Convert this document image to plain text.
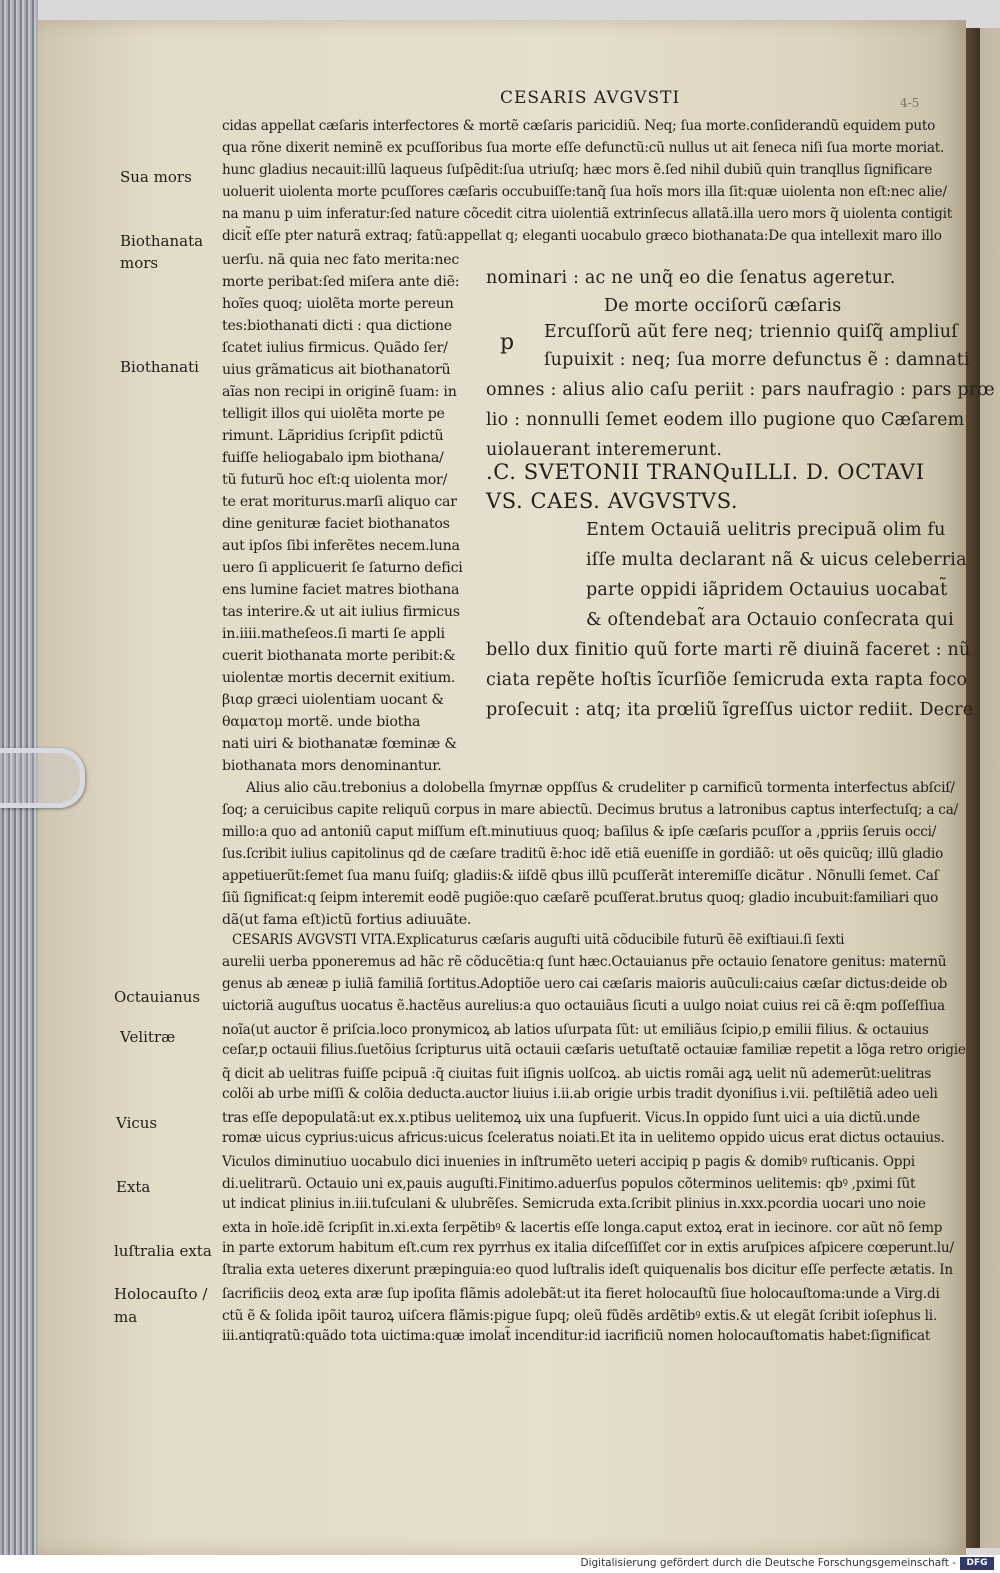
CESARIS AVGVSTI	4-5
cidas appellat cæſaris interfectores & mortẽ cæſaris paricidiũ. Neq; ſua morte.conſiderandũ equidem puto
qua rõne dixerit neminẽ ex pcuſſoribus ſua morte eſſe defunctũ:cũ nullus ut ait ſeneca niſi ſua morte moriat.
hunc gladius necauit:illũ laqueus ſuſpẽdit:ſua utriuſq; hæc mors ẽ.ſed nihil dubiũ quin tranqllus ſignificare
uoluerit uiolenta morte pcuſſores cæſaris occubuiſſe:tanq̃ ſua hoĩs mors illa ſit:quæ uiolenta non eſt:nec alie/
na manu p uim inferatur:ſed nature cõcedit citra uiolentiã extrinſecus allatã.illa uero mors q̃ uiolenta contigit
dicit̃ eſſe pter naturã extraq; fatũ:appellat q; eleganti uocabulo græco biothanata:De qua intellexit maro illo
uerſu. nã quia nec fato merita:nec
morte peribat:ſed miſera ante diẽ:
hoĩes quoq; uiolẽta morte pereun
tes:biothanati dicti : qua dictione
ſcatet iulius firmicus. Quãdo ſer/
uius grãmaticus ait biothanatorũ
aĩas non recipi in originẽ ſuam: in
telligit illos qui uiolẽta morte pe
rimunt. Lãpridius ſcripſit pdictũ
fuiſſe heliogabalo ipm biothana/
tũ futurũ hoc eſt:q uiolenta mor/
te erat moriturus.marſi aliquo car
dine genituræ faciet biothanatos
aut ipſos ſibi inferẽtes necem.luna
uero ſi applicuerit ſe ſaturno defici
ens lumine faciet matres biothana
tas interire.& ut ait iulius firmicus
in.iiii.matheſeos.ſi marti ſe appli
cuerit biothanata morte peribit:&
uiolentæ mortis decernit exitium.
βιαρ græci uiolentiam uocant &
θαματομ mortẽ. unde biotha
nati uiri & biothanatæ fœminæ &
biothanata mors denominantur.
nominari : ac ne unq̃ eo die ſenatus ageretur.
De morte occiſorũ cæſaris
p Ercuſſorũ aũt fere neq; triennio quiſq̃ ampliuſ
ſupuixit : neq; ſua morre defunctus ẽ : damnati
omnes : alius alio caſu periit : pars naufragio : pars prœ
lio : nonnulli ſemet eodem illo pugione quo Cæſarem
uiolauerant interemerunt.
.C. SVETONII TRANQuILLI. D. OCTAVI
VS. CAES. AVGVSTVS.
Entem Octauiã uelitris precipuã olim fu
iſſe multa declarant nã & uicus celeberria
parte oppidi iãpridem Octauius uocabat̃
& oſtendebat̃ ara Octauio conſecrata qui
bello dux finitio quũ forte marti rẽ diuinã faceret : nũ
ciata repẽte hoſtis ĩcurſiõe ſemicruda exta rapta foco
proſecuit : atq; ita prœliũ ĩgreſſus uictor rediit. Decre
Alius alio cãu.trebonius a dolobella ſmyrnæ oppſſus & crudeliter p carnificũ tormenta interfectus abſciſ/
ſoq; a ceruicibus capite reliquũ corpus in mare abiectũ. Decimus brutus a latronibus captus interfectuſq; a ca/
millo:a quo ad antoniũ caput miſſum eſt.minutiuus quoq; baſilus & ipſe cæſaris pcuſſor a ,ppriis ſeruis occi/
ſus.ſcribit iulius capitolinus qd de cæſare traditũ ẽ:hoc idẽ etiã eueniſſe in gordiãõ: ut oẽs quicũq; illũ gladio
appetiuerũt:ſemet ſua manu ſuiſq; gladiis:& iiſdẽ qbus illũ pcuſſerãt interemiſſe dicãtur . Nõnulli ſemet. Caſ
ſiũ ſignificat:q ſeipm interemit eodẽ pugiõe:quo cæſarẽ pcuſſerat.brutus quoq; gladio incubuit:familiari quo
dã(ut fama eſt)ictũ fortius adiuuãte.
CESARIS AVGVSTI VITA.Explicaturus cæſaris auguſti uitã cõducibile futurũ ẽẽ exiſtiaui.ſi ſexti
aurelii uerba pponeremus ad hãc rẽ cõducẽtia:q ſunt hæc.Octauianus pr̃e octauio ſenatore genitus: maternũ
genus ab æneæ p iuliã familiã ſortitus.Adoptiõe uero cai cæſaris maioris auũculi:caius cæſar dictus:deide ob
uictoriã auguſtus uocatus ẽ.hactẽus aurelius:a quo octauiãus ſicuti a uulgo noiat cuius rei cã ẽ:qm poſſeſſiua
noĩa(ut auctor ẽ priſcia.loco pronymicoꝝ ab latios uſurpata ſũt: ut emiliãus ſcipio,p emilii filius. & octauius
ceſar,p octauii filius.ſuetõius ſcripturus uitã octauii cæſaris uetuſtatẽ octauiæ familiæ repetit a lõga retro origie
q̃ dicit ab uelitras fuiſſe pcipuã :q̃ ciuitas fuit iſignis uolſcoꝝ. ab uictis romãi agꝝ uelit nũ ademerũt:uelitras
colõi ab urbe miſſi & colõia deducta.auctor liuius i.ii.ab origie urbis tradit dyoniſius i.vii. peſtilẽtiã adeo ueli
tras eſſe depopulatã:ut ex.x.ptibus uelitemoꝝ uix una ſupfuerit. Vicus.In oppido ſunt uici a uia dictũ.unde
romæ uicus cyprius:uicus africus:uicus ſceleratus noiati.Et ita in uelitemo oppido uicus erat dictus octauius.
Viculos diminutiuo uocabulo dici inuenies in inſtrumẽto ueteri accipiq p pagis & domibꝰ ruſticanis. Oppi
di.uelitrarũ. Octauio uni ex,pauis auguſti.Finitimo.aduerſus populos cõterminos uelitemis: qbꝰ ,pximi ſũt
ut indicat plinius in.iii.tuſculani & ulubrẽſes. Semicruda exta.ſcribit plinius in.xxx.pcordia uocari uno noie
exta in hoĩe.idẽ ſcripſit in.xi.exta ſerpẽtibꝰ & lacertis eſſe longa.caput extoꝝ erat in iecinore. cor aũt nõ ſemp
in parte extorum habitum eſt.cum rex pyrrhus ex italia diſceſſiſſet cor in extis aruſpices aſpicere cœperunt.lu/
ſtralia exta ueteres dixerunt præpinguia:eo quod luſtralis ideſt quiquenalis bos dicitur eſſe perfecte ætatis. In
ſacrificiis deoꝝ exta aræ ſup ipoſita flãmis adolebãt:ut ita fieret holocauſtũ ſiue holocauſtoma:unde a Virg.di
ctũ ẽ & ſolida ipõit tauroꝝ uiſcera flãmis:pigue ſupq; oleũ fũdẽs ardẽtibꝰ extis.& ut elegãt ſcribit ioſephus li.
iii.antiqratũ:quãdo tota uictima:quæ imolat̃ incenditur:id iacrificiũ nomen holocauſtomatis habet:ſignificat
Sua mors
Biothanata
mors
Biothanati
Octauianus
Velitræ
Vicus
Exta
luſtralia exta
Holocauſto /
ma
Digitalisierung gefördert durch die Deutsche Forschungsgemeinschaft -	DFG
